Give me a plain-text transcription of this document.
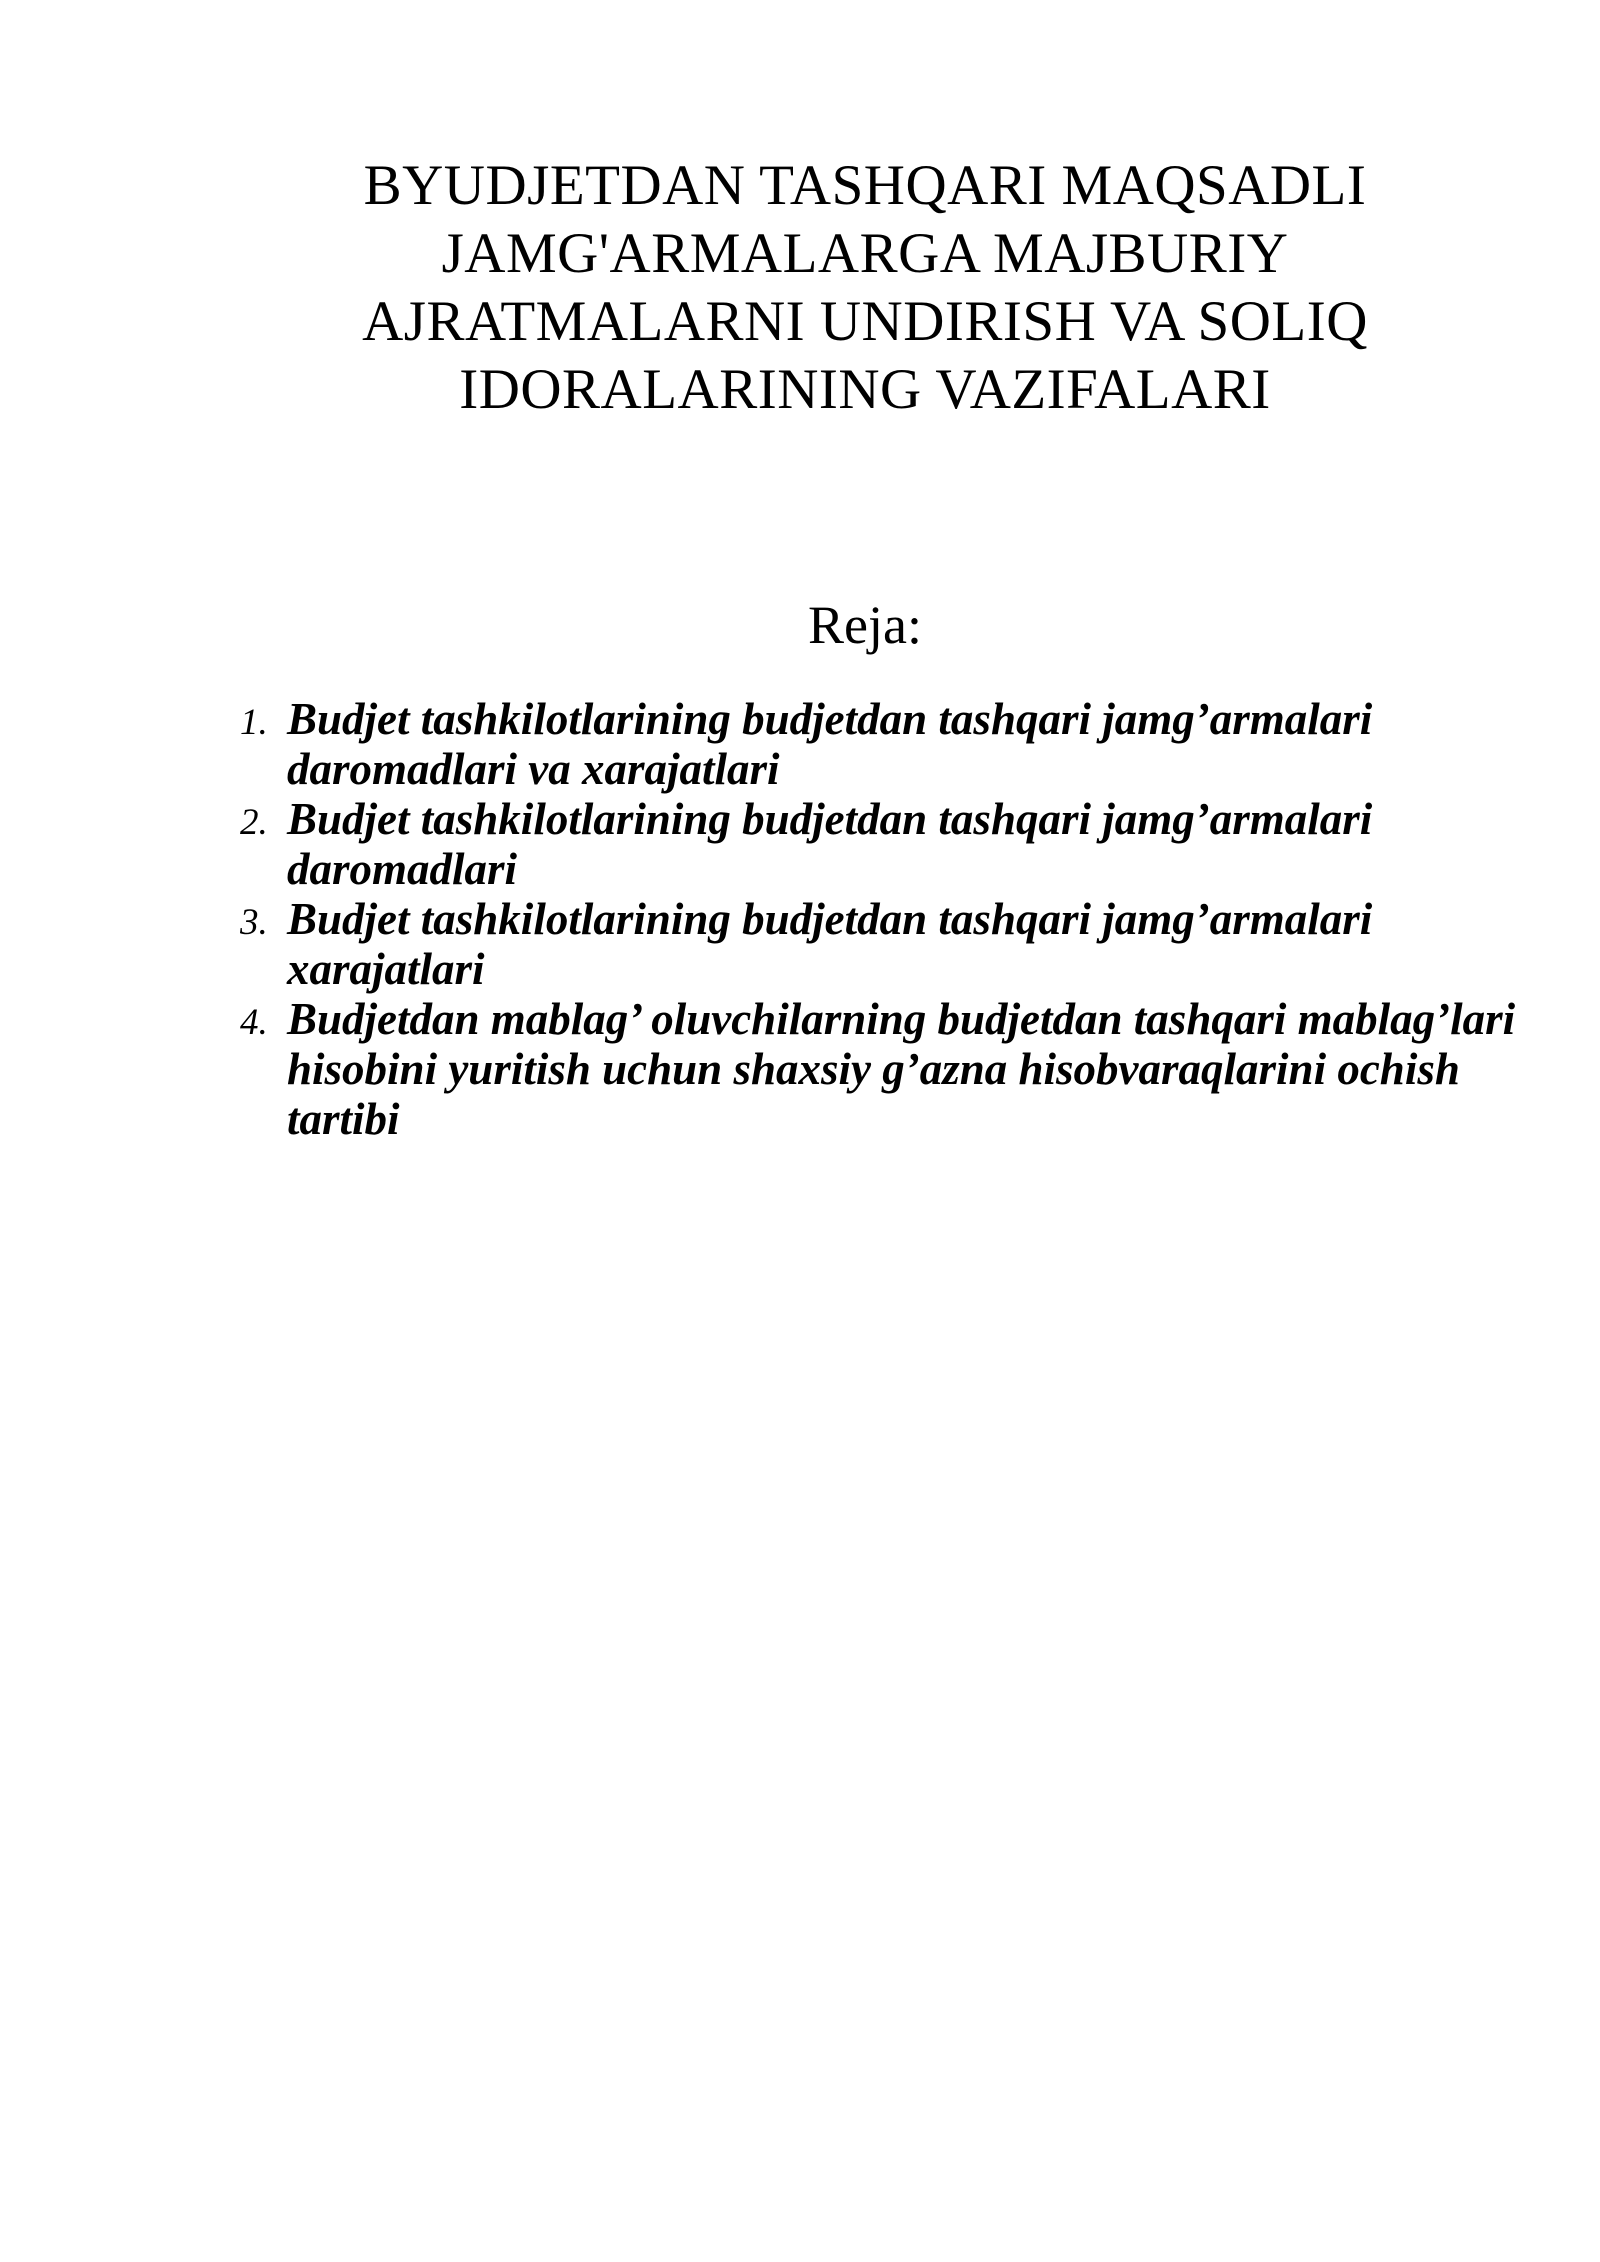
BYUDJETDAN TASHQARI MAQSADLI
JAMG'ARMALARGA MAJBURIY
AJRATMALARNI UNDIRISH VA SOLIQ
IDORALARINING VAZIFALARI
Reja:
1. Budjet tashkilotlarining budjetdan tashqari jamg’armalari
daromadlari va xarajatlari
2. Budjet tashkilotlarining budjetdan tashqari jamg’armalari
daromadlari
3. Budjet tashkilotlarining budjetdan tashqari jamg’armalari
xarajatlari
4. Budjetdan mablag’ oluvchilarning budjetdan tashqari mablag’lari
hisobini yuritish uchun shaxsiy g’azna hisobvaraqlarini ochish
tartibi
